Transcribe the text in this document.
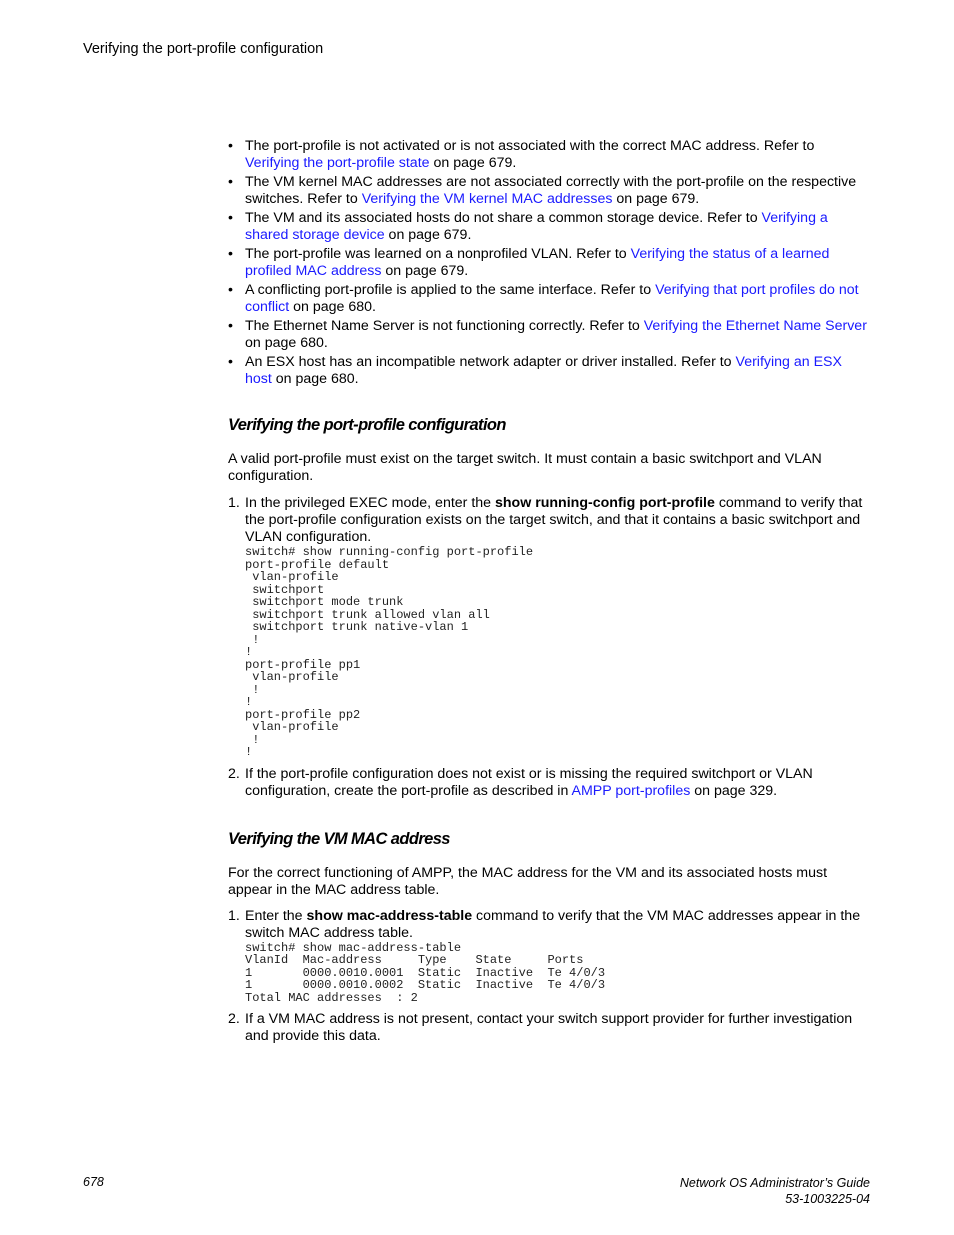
Verifying the port-profile configuration
• The port-profile is not activated or is not associated with the correct MAC address. Refer to Verifying the port-profile state on page 679.
• The VM kernel MAC addresses are not associated correctly with the port-profile on the respective switches. Refer to Verifying the VM kernel MAC addresses on page 679.
• The VM and its associated hosts do not share a common storage device. Refer to Verifying a shared storage device on page 679.
• The port-profile was learned on a nonprofiled VLAN. Refer to Verifying the status of a learned profiled MAC address on page 679.
• A conflicting port-profile is applied to the same interface. Refer to Verifying that port profiles do not conflict on page 680.
• The Ethernet Name Server is not functioning correctly. Refer to Verifying the Ethernet Name Server on page 680.
• An ESX host has an incompatible network adapter or driver installed. Refer to Verifying an ESX host on page 680.
Verifying the port-profile configuration

A valid port-profile must exist on the target switch. It must contain a basic switchport and VLAN configuration.

1. In the privileged EXEC mode, enter the show running-config port-profile command to verify that the port-profile configuration exists on the target switch, and that it contains a basic switchport and VLAN configuration.
switch# show running-config port-profile
port-profile default
vlan-profile
switchport
switchport mode trunk
switchport trunk allowed vlan all
switchport trunk native-vlan 1
!
!
port-profile pp1
vlan-profile
!
!
port-profile pp2
vlan-profile
!
!
2. If the port-profile configuration does not exist or is missing the required switchport or VLAN configuration, create the port-profile as described in AMPP port-profiles on page 329.
Verifying the VM MAC address

For the correct functioning of AMPP, the MAC address for the VM and its associated hosts must appear in the MAC address table.

1. Enter the show mac-address-table command to verify that the VM MAC addresses appear in the switch MAC address table.
switch# show mac-address-table
VlanId  Mac-address     Type    State     Ports
1       0000.0010.0001  Static  Inactive  Te 4/0/3
1       0000.0010.0002  Static  Inactive  Te 4/0/3
Total MAC addresses  : 2
2. If a VM MAC address is not present, contact your switch support provider for further investigation and provide this data.
678	Network OS Administrator’s Guide
53-1003225-04
